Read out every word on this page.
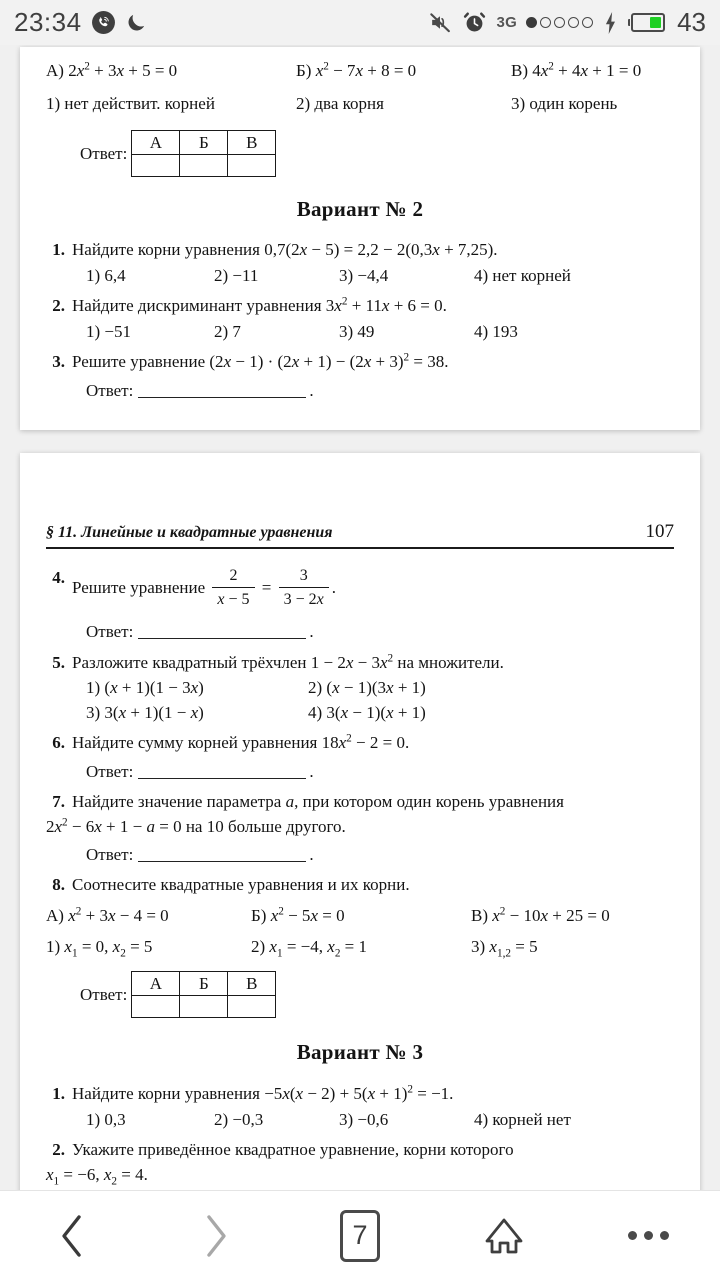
23:34	3G	43
А) $2x^2 + 3x + 5 = 0$	Б) $x^2 - 7x + 8 = 0$	В) $4x^2 + 4x + 1 = 0$
1) нет действит. корней	2) два корня	3) один корень
Ответ:
А	Б	В

Вариант № 2
1. Найдите корни уравнения 0,7(2x − 5) = 2,2 − 2(0,3x + 7,25).
1) 6,4	2) −11	3) −4,4	4) нет корней
2. Найдите дискриминант уравнения $3x^2 + 11x + 6 = 0$.
1) −51	2) 7	3) 49	4) 193
3. Решите уравнение $(2x - 1) \cdot (2x + 1) - (2x + 3)^2 = 38$.
Ответ:	.
§ 11. Линейные и квадратные уравнения	107
4.
Решите уравнение $\frac{2}{x - 5} = \frac{3}{3 - 2x}$ .
Ответ:	.
5. Разложите квадратный трёхчлен $1 - 2x - 3x^2$ на множители.
1) (x + 1)(1 − 3x)	2) (x − 1)(3x + 1)
3) 3(x + 1)(1 − x)	4) 3(x − 1)(x + 1)
6. Найдите сумму корней уравнения $18x^2 - 2 = 0$.
Ответ:	.
7. Найдите значение параметра a, при котором один корень уравнения
$2x^2 - 6x + 1 - a = 0$ на 10 больше другого.
Ответ:	.
8. Соотнесите квадратные уравнения и их корни.
А) $x^2 + 3x - 4 = 0$	Б) $x^2 - 5x = 0$	В) $x^2 - 10x + 25 = 0$
1) $x_1 = 0$, $x_2 = 5$	2) $x_1 = -4$, $x_2 = 1$	3) $x_{1,2} = 5$
Ответ:
А	Б	В

Вариант № 3
1. Найдите корни уравнения $-5x(x - 2) + 5(x + 1)^2 = -1$.
1) 0,3	2) −0,3	3) −0,6	4) корней нет
2. Укажите приведённое квадратное уравнение, корни которого
$x_1 = -6$, $x_2 = 4$.
7
